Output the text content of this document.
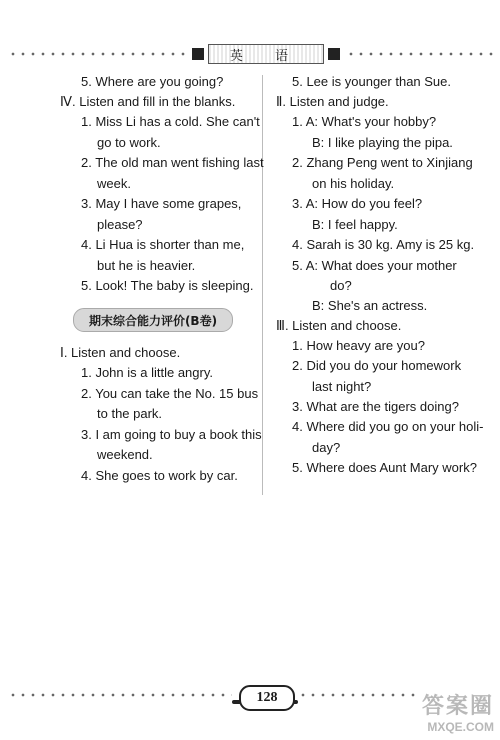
英 语
5. Where are you going?
Ⅳ. Listen and fill in the blanks.
1. Miss Li has a cold. She can't
go to work.
2. The old man went fishing last
week.
3. May I have some grapes,
please?
4. Li Hua is shorter than me,
but he is heavier.
5. Look! The baby is sleeping.
期末综合能力评价(B卷)
Ⅰ. Listen and choose.
1. John is a little angry.
2. You can take the No. 15 bus
to the park.
3. I am going to buy a book this
weekend.
4. She goes to work by car.
5. Lee is younger than Sue.
Ⅱ. Listen and judge.
1. A: What's your hobby?
B: I like playing the pipa.
2. Zhang Peng went to Xinjiang
on his holiday.
3. A: How do you feel?
B: I feel happy.
4. Sarah is 30 kg. Amy is 25 kg.
5. A: What does your mother
do?
B: She's an actress.
Ⅲ. Listen and choose.
1. How heavy are you?
2. Did you do your homework
last night?
3. What are the tigers doing?
4. Where did you go on your holi-
day?
5. Where does Aunt Mary work?
128	答案圈
MXQE.COM
